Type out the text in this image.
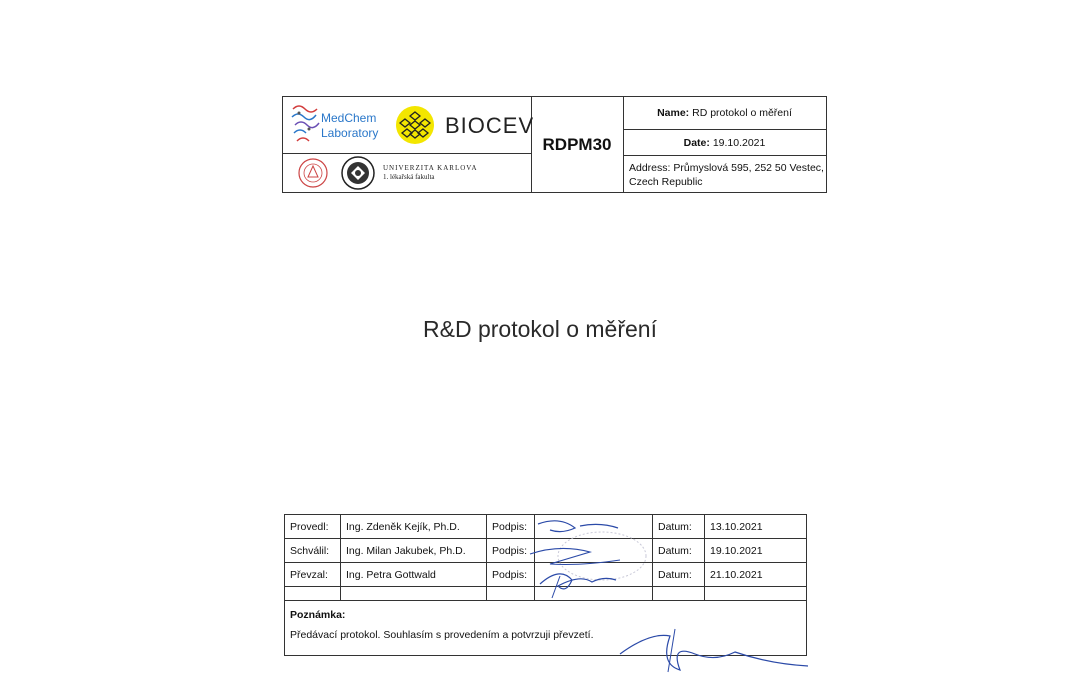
MedChem
Laboratory	BIOCEV
UNIVERZITA KARLOVA
1. lékařská fakulta
RDPM30
Name: RD protokol o měření
Date: 19.10.2021
Address: Průmyslová 595, 252 50 Vestec,
Czech Republic
R&D protokol o měření
Provedl:	Ing. Zdeněk Kejík, Ph.D.	Podpis:		Datum:	13.10.2021
Schválil:	Ing. Milan Jakubek, Ph.D.	Podpis:		Datum:	19.10.2021
Převzal:	Ing. Petra Gottwald	Podpis:		Datum:	21.10.2021

Poznámka:
Předávací protokol. Souhlasím s provedením a potvrzuji převzetí.					
